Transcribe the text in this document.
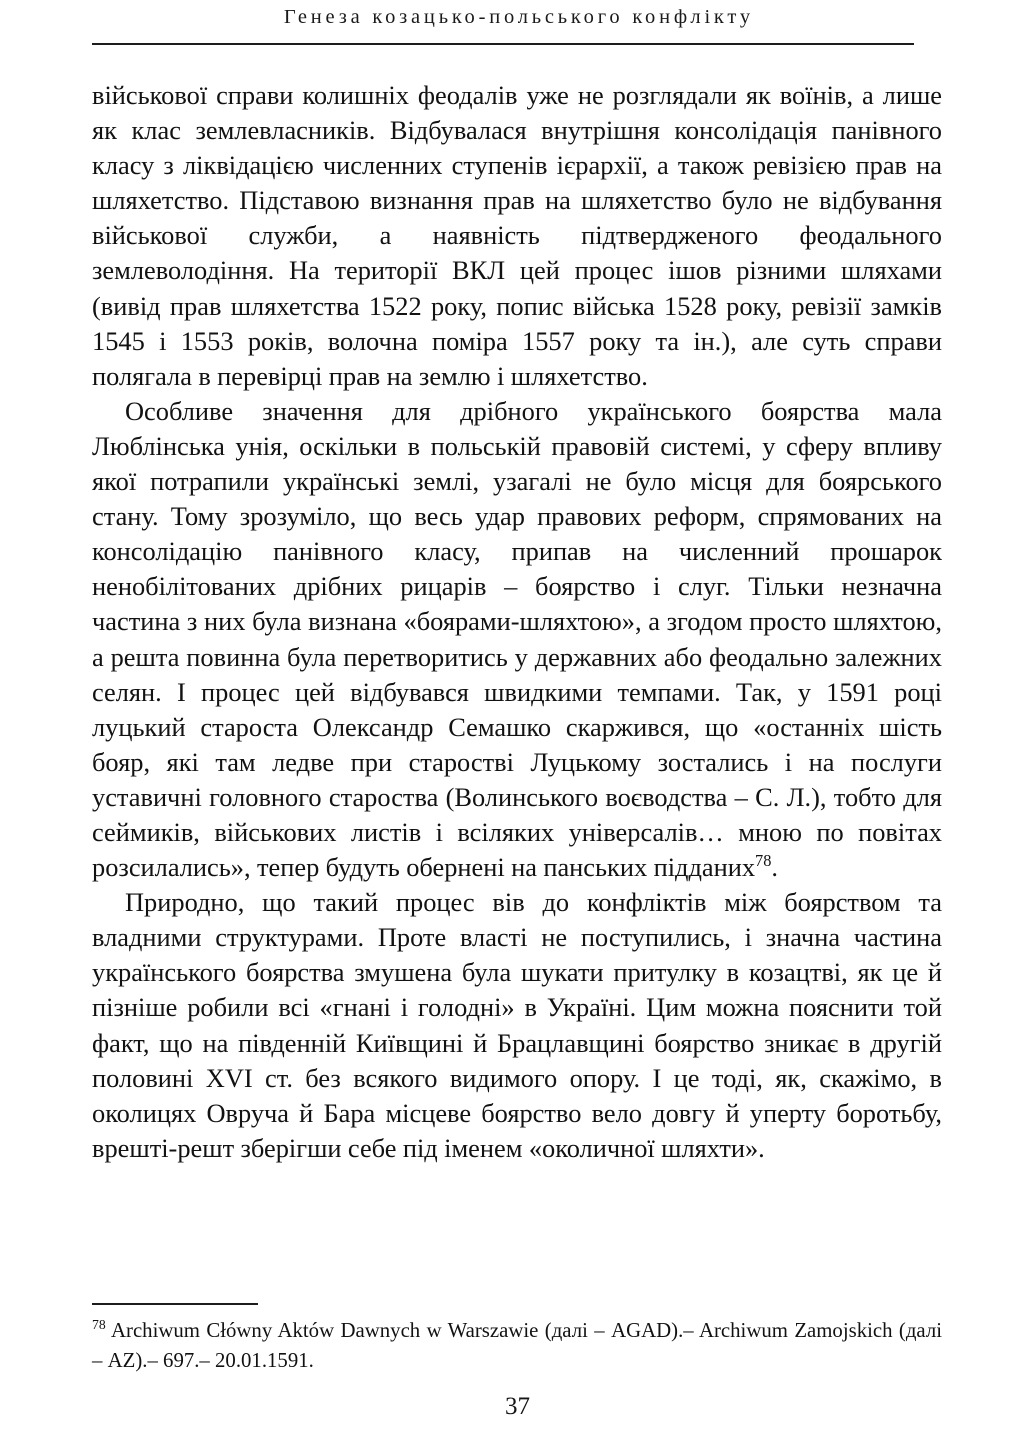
Генеза козацько-польського конфлікту

військової справи колишніх феодалів уже не розглядали як воїнів, а лише як клас землевласників. Відбувалася внутрішня консолідація панівного класу з ліквідацією численних ступенів ієрархії, а також ревізією прав на шляхетство. Підставою визнання прав на шляхетство було не відбування військової служби, а наявність підтвердженого феодального землеволодіння. На території ВКЛ цей процес ішов різними шляхами (вивід прав шляхетства 1522 року, попис війська 1528 року, ревізії замків 1545 і 1553 років, волочна поміра 1557 року та ін.), але суть справи полягала в перевірці прав на землю і шляхетство.

Особливе значення для дрібного українського боярства мала Люблінська унія, оскільки в польській правовій системі, у сферу впливу якої потрапили українські землі, узагалі не було місця для боярського стану. Тому зрозуміло, що весь удар правових реформ, спрямованих на консолідацію панівного класу, припав на численний прошарок ненобілітованих дрібних рицарів – боярство і слуг. Тільки незначна частина з них була визнана «боярами-шляхтою», а згодом просто шляхтою, а решта повинна була перетворитись у державних або феодально залежних селян. І процес цей відбувався швидкими темпами. Так, у 1591 році луцький староста Олександр Семашко скаржився, що «останніх шість бояр, які там ледве при старостві Луцькому зостались і на послуги уставичні головного староства (Волинського воєводства – С. Л.), тобто для сеймиків, військових листів і всіляких універсалів… мною по повітах розсилались», тепер будуть обернені на панських підданих$^{78}$.

Природно, що такий процес вів до конфліктів між боярством та владними структурами. Проте власті не поступились, і значна частина українського боярства змушена була шукати притулку в козацтві, як це й пізніше робили всі «гнані і голодні» в Україні. Цим можна пояснити той факт, що на південній Київщині й Брацлавщині боярство зникає в другій половині XVI ст. без всякого видимого опору. І це тоді, як, скажімо, в околицях Овруча й Бара місцеве боярство вело довгу й уперту боротьбу, врешті-решт зберігши себе під іменем «околичної шляхти».

$^{78}$ Archiwum Cłówny Aktów Dawnych w Warszawie (далі – AGAD).– Archiwum Zamojskich (далі – AZ).– 697.– 20.01.1591.

37
